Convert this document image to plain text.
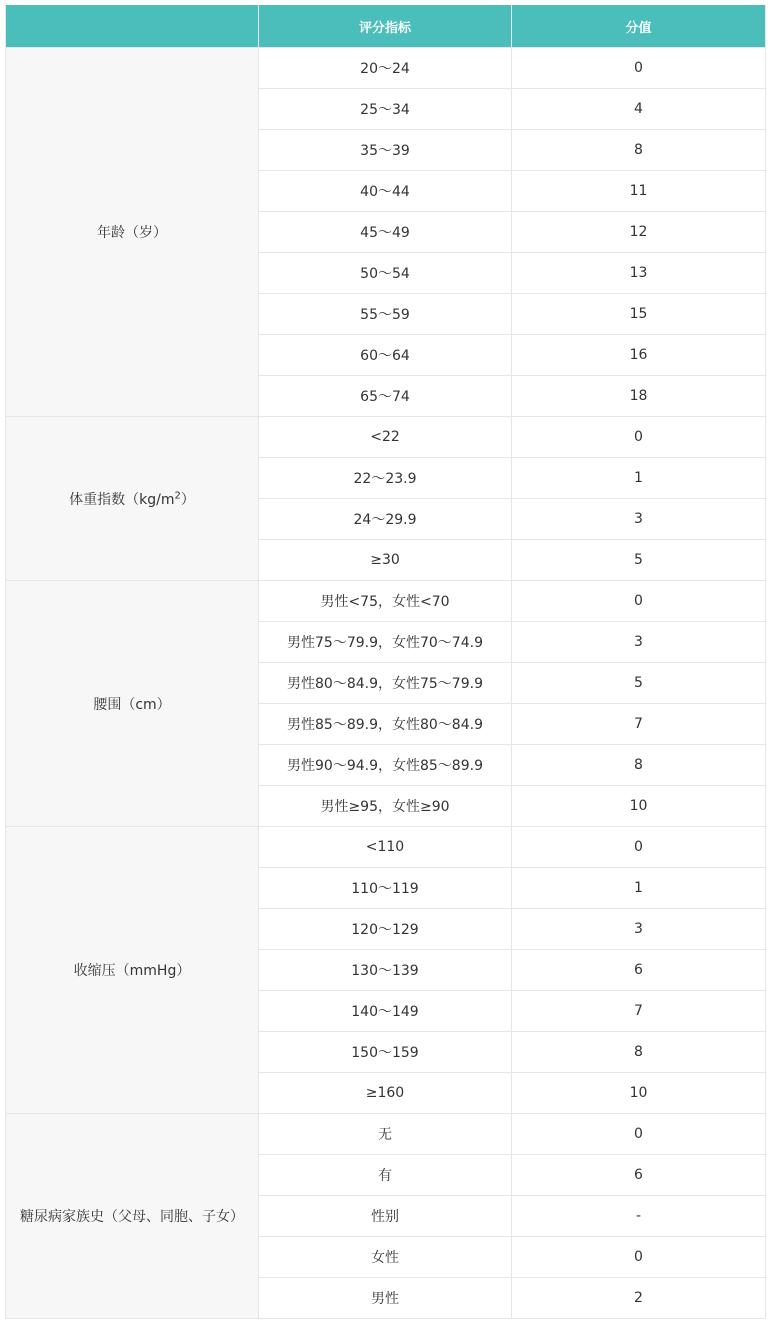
	评分指标	分值
年龄（岁）	20～24	0
	25～34	4
	35～39	8
	40～44	11
	45～49	12
	50～54	13
	55～59	15
	60～64	16
	65～74	18
体重指数$(kg/m^2)$	<22	0
	22～23.9	1
	24～29.9	3
	≥30	5
腰围（cm）	男性<75，女性<70	0
	男性75～79.9，女性70～74.9	3
	男性80～84.9，女性75～79.9	5
	男性85～89.9，女性80～84.9	7
	男性90～94.9，女性85～89.9	8
	男性≥95，女性≥90	10
收缩压（mmHg）	<110	0
	110～119	1
	120～129	3
	130～139	6
	140～149	7
	150～159	8
	≥160	10
糖尿病家族史（父母、同胞、子女）	无	0
	有	6
	性别	-
	女性	0
	男性	2
